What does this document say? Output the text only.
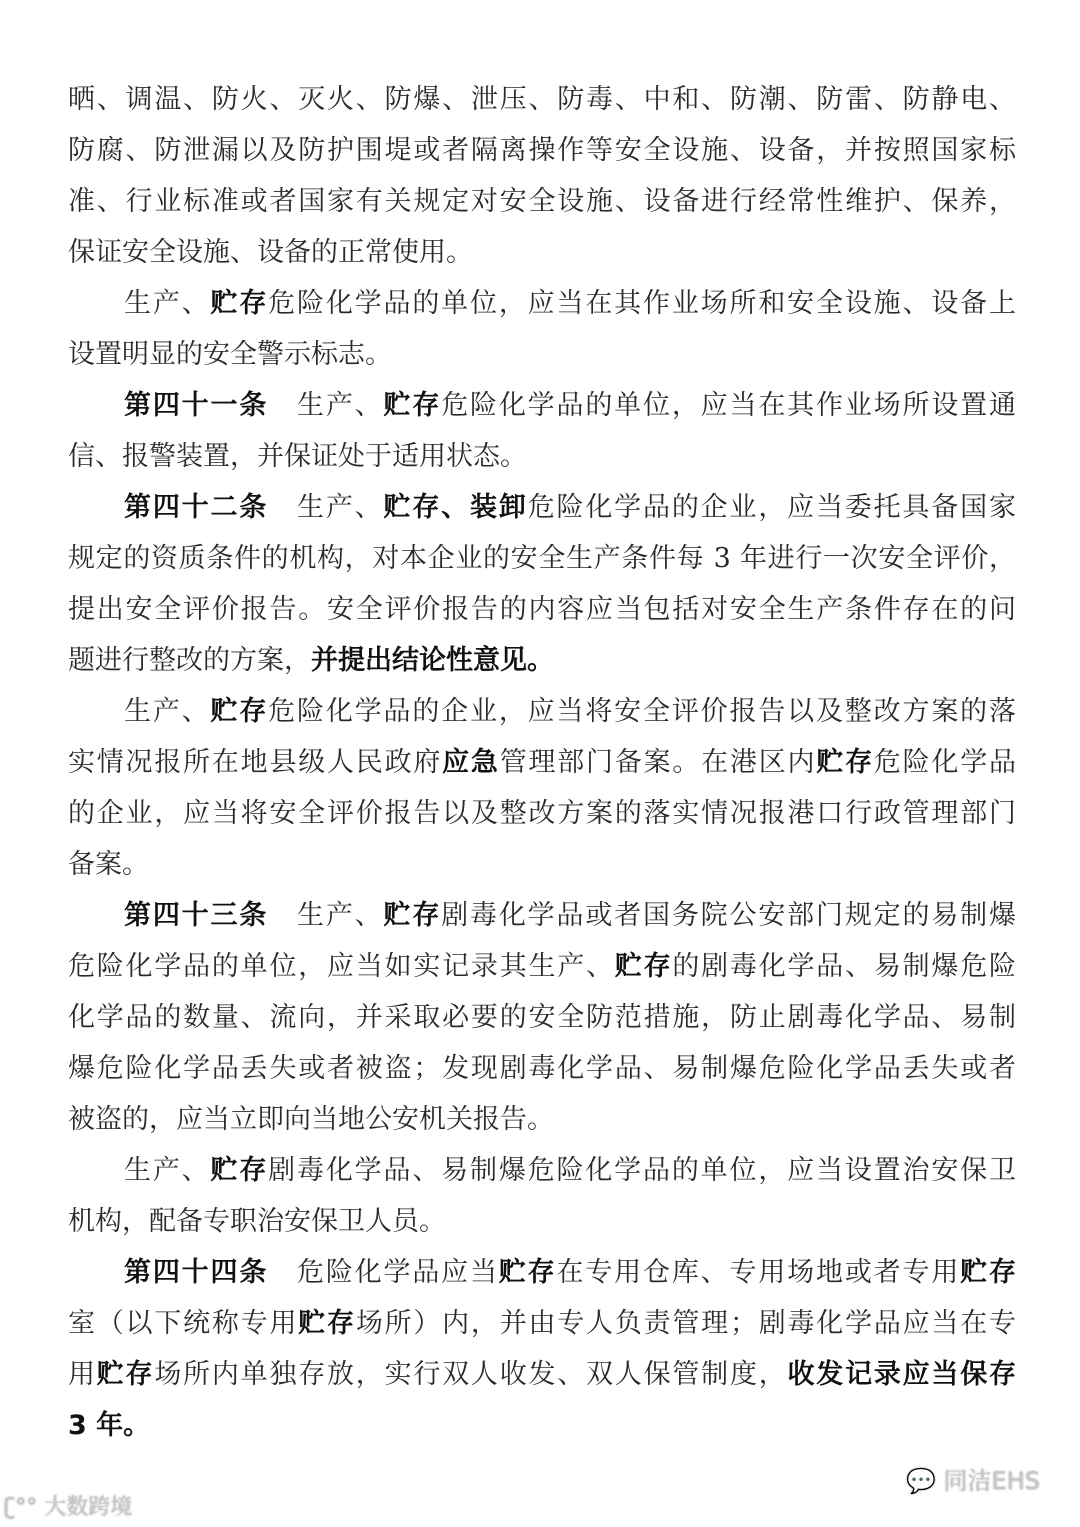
晒、调温、防火、灭火、防爆、泄压、防毒、中和、防潮、防雷、防静电、
防腐、防泄漏以及防护围堤或者隔离操作等安全设施、设备，并按照国家标
准、行业标准或者国家有关规定对安全设施、设备进行经常性维护、保养，
保证安全设施、设备的正常使用。
生产、贮存危险化学品的单位，应当在其作业场所和安全设施、设备上
设置明显的安全警示标志。
第四十一条　生产、贮存危险化学品的单位，应当在其作业场所设置通
信、报警装置，并保证处于适用状态。
第四十二条　生产、贮存、装卸危险化学品的企业，应当委托具备国家
规定的资质条件的机构，对本企业的安全生产条件每 3 年进行一次安全评价，
提出安全评价报告。安全评价报告的内容应当包括对安全生产条件存在的问
题进行整改的方案，并提出结论性意见。
生产、贮存危险化学品的企业，应当将安全评价报告以及整改方案的落
实情况报所在地县级人民政府应急管理部门备案。在港区内贮存危险化学品
的企业，应当将安全评价报告以及整改方案的落实情况报港口行政管理部门
备案。
第四十三条　生产、贮存剧毒化学品或者国务院公安部门规定的易制爆
危险化学品的单位，应当如实记录其生产、贮存的剧毒化学品、易制爆危险
化学品的数量、流向，并采取必要的安全防范措施，防止剧毒化学品、易制
爆危险化学品丢失或者被盗；发现剧毒化学品、易制爆危险化学品丢失或者
被盗的，应当立即向当地公安机关报告。
生产、贮存剧毒化学品、易制爆危险化学品的单位，应当设置治安保卫
机构，配备专职治安保卫人员。
第四十四条　危险化学品应当贮存在专用仓库、专用场地或者专用贮存
室（以下统称专用贮存场所）内，并由专人负责管理；剧毒化学品应当在专
用贮存场所内单独存放，实行双人收发、双人保管制度，收发记录应当保存
3 年。
💬 同洁EHS
ʗ°° 大数跨境
